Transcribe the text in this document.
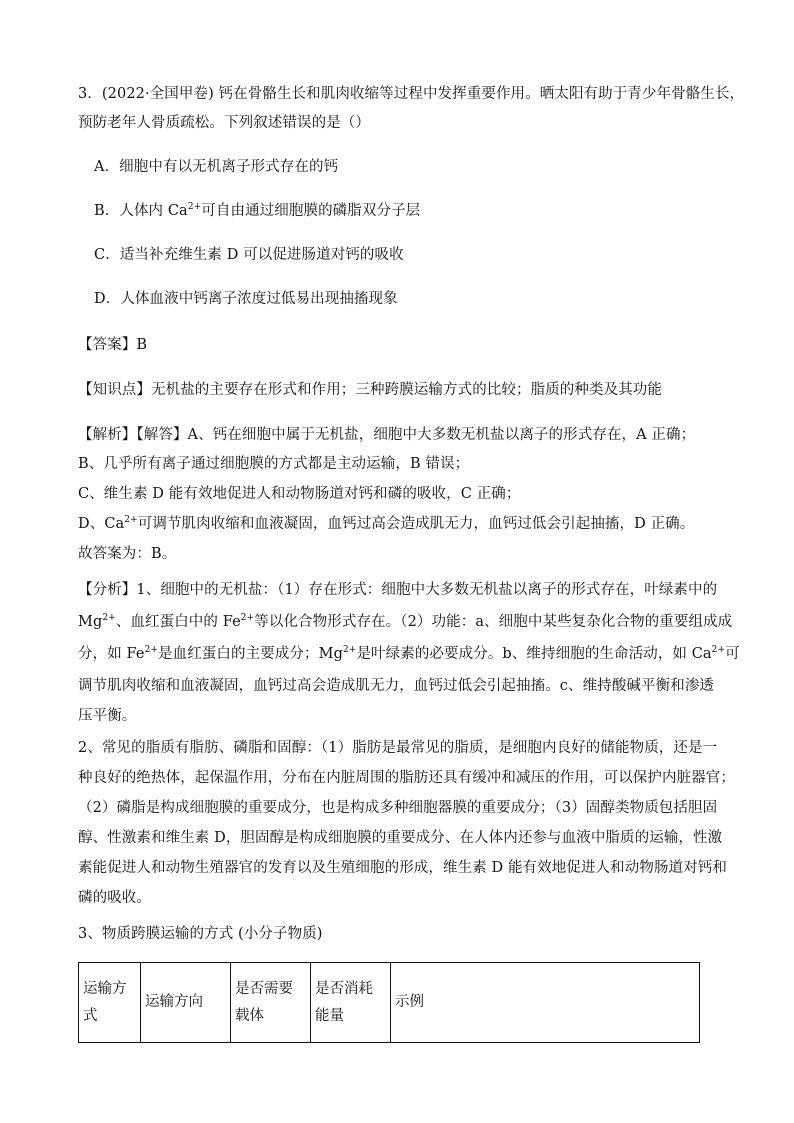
3．(2022·全国甲卷) 钙在骨骼生长和肌肉收缩等过程中发挥重要作用。晒太阳有助于青少年骨骼生长，

预防老年人骨质疏松。下列叙述错误的是（）

A．细胞中有以无机离子形式存在的钙

B．人体内 $Ca^{2+}$可自由通过细胞膜的磷脂双分子层

C．适当补充维生素 D 可以促进肠道对钙的吸收

D．人体血液中钙离子浓度过低易出现抽搐现象

【答案】B

【知识点】无机盐的主要存在形式和作用；三种跨膜运输方式的比较；脂质的种类及其功能

【解析】【解答】A、钙在细胞中属于无机盐，细胞中大多数无机盐以离子的形式存在，A 正确；

B、几乎所有离子通过细胞膜的方式都是主动运输，B 错误；

C、维生素 D 能有效地促进人和动物肠道对钙和磷的吸收，C 正确；

D、$Ca^{2+}$可调节肌肉收缩和血液凝固，血钙过高会造成肌无力，血钙过低会引起抽搐，D 正确。

故答案为：B。

【分析】1、细胞中的无机盐：（1）存在形式：细胞中大多数无机盐以离子的形式存在，叶绿素中的

$Mg^{2+}$、血红蛋白中的 $Fe^{2+}$等以化合物形式存在。（2）功能：a、细胞中某些复杂化合物的重要组成成

分，如 $Fe^{2+}$是血红蛋白的主要成分；$Mg^{2+}$是叶绿素的必要成分。b、维持细胞的生命活动，如 $Ca^{2+}$可

调节肌肉收缩和血液凝固，血钙过高会造成肌无力，血钙过低会引起抽搐。c、维持酸碱平衡和渗透

压平衡。

2、常见的脂质有脂肪、磷脂和固醇：（1）脂肪是最常见的脂质，是细胞内良好的储能物质，还是一

种良好的绝热体，起保温作用，分布在内脏周围的脂肪还具有缓冲和减压的作用，可以保护内脏器官；

（2）磷脂是构成细胞膜的重要成分，也是构成多种细胞器膜的重要成分；（3）固醇类物质包括胆固

醇、性激素和维生素 D，胆固醇是构成细胞膜的重要成分、在人体内还参与血液中脂质的运输，性激

素能促进人和动物生殖器官的发育以及生殖细胞的形成，维生素 D 能有效地促进人和动物肠道对钙和

磷的吸收。

3、物质跨膜运输的方式 (小分子物质)

运输方式	运输方向	是否需要载体	是否消耗能量	示例
